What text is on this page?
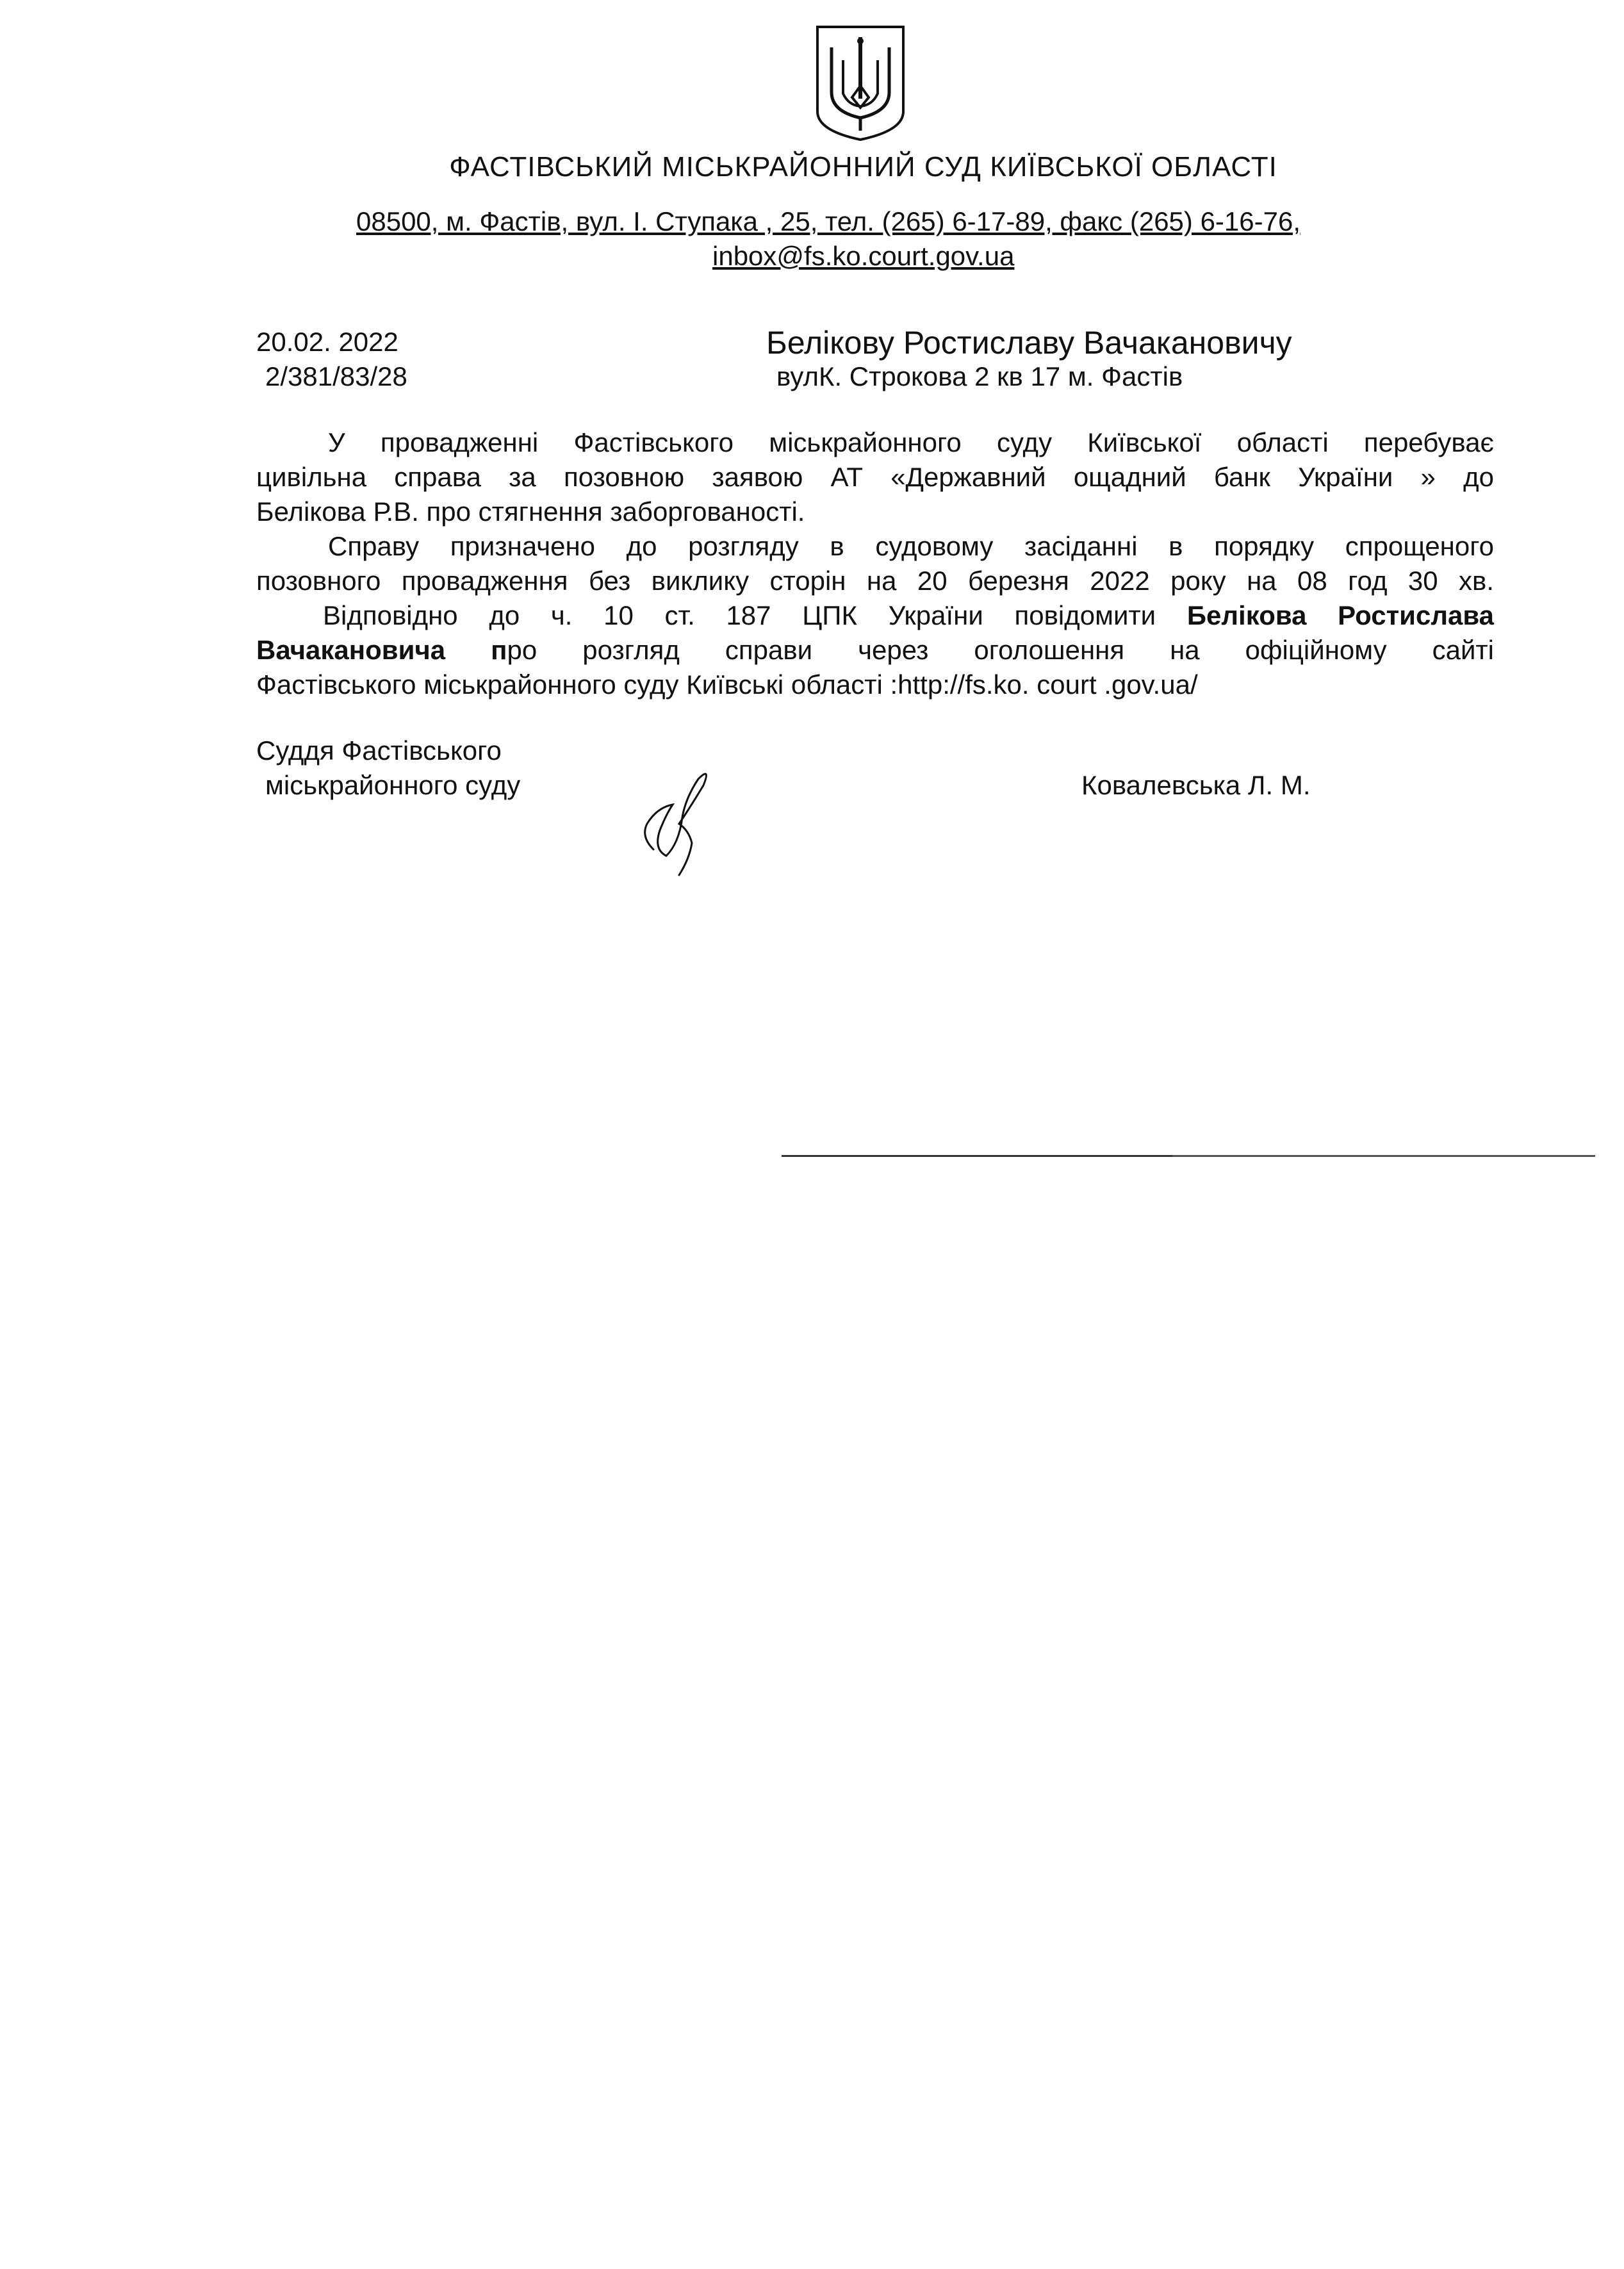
ФАСТІВСЬКИЙ МІСЬКРАЙОННИЙ СУД КИЇВСЬКОЇ ОБЛАСТІ
08500, м. Фастів, вул. І. Ступака , 25, тел. (265) 6-17-89, факс (265) 6-16-76,
inbox@fs.ko.court.gov.ua
20.02. 2022
2/381/83/28
Белікову Ростиславу Вачакановичу
вулК. Строкова 2 кв 17 м. Фастів

У провадженні Фастівського міськрайонного суду Київської області перебуває

цивільна справа за позовною заявою АТ «Державний ощадний банк України » до

Белікова Р.В. про стягнення заборгованості.

Справу призначено до розгляду в судовому засіданні в порядку спрощеного

позовного провадження без виклику сторін на 20 березня 2022 року на 08 год 30 хв.

Відповідно до ч. 10 ст. 187 ЦПК України повідомити Белікова Ростислава

Вачакановича про розгляд справи через оголошення на офіційному сайті

Фастівського міськрайонного суду Київські області :http://fs.ko. court .gov.ua/

Суддя Фастівського
міськрайонного суду	Ковалевська Л. М.
